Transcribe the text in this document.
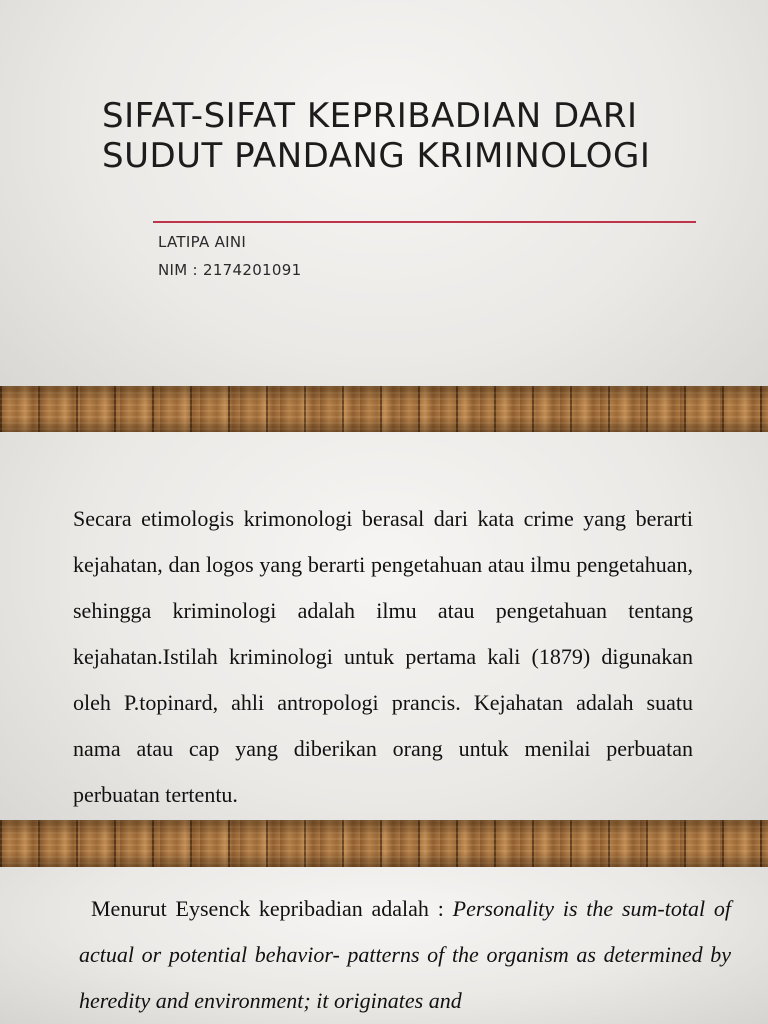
SIFAT-SIFAT KEPRIBADIAN DARI
SUDUT PANDANG KRIMINOLOGI
LATIPA AINI
NIM : 2174201091

Secara etimologis krimonologi berasal dari kata crime yang berarti kejahatan, dan logos yang berarti pengetahuan atau ilmu pengetahuan, sehingga kriminologi adalah ilmu atau pengetahuan tentang kejahatan.Istilah kriminologi untuk pertama kali (1879) digunakan oleh P.topinard, ahli antropologi prancis. Kejahatan adalah suatu nama atau cap yang diberikan orang untuk menilai perbuatan perbuatan tertentu.

Menurut Eysenck kepribadian adalah : Personality is the sum-total of actual or potential behavior- patterns of the organism as determined by heredity and environment; it originates and
